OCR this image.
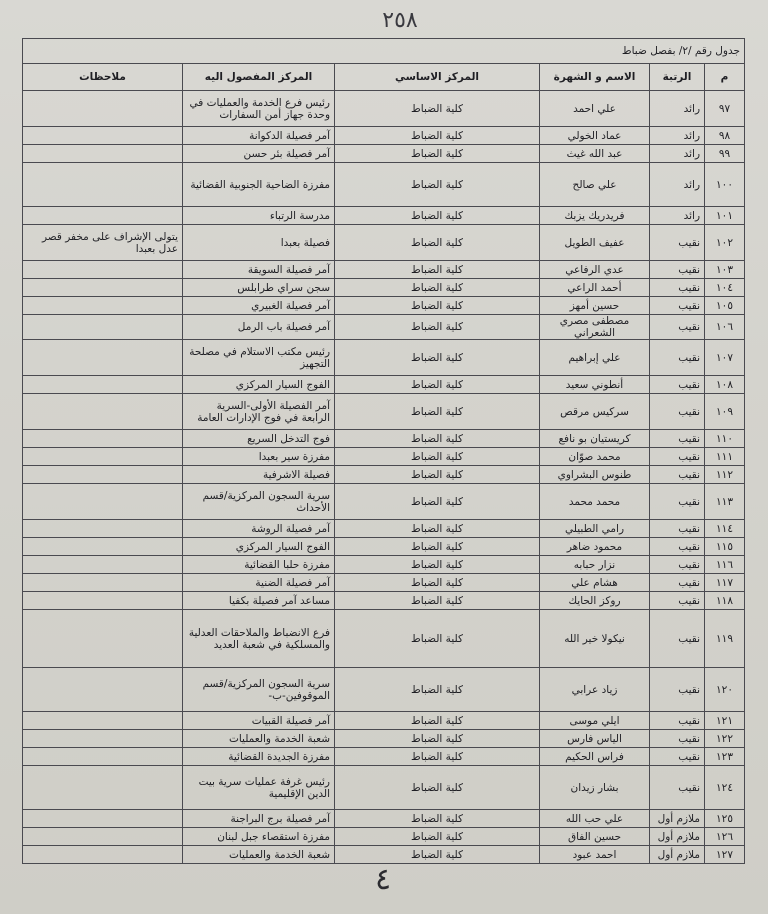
٢٥٨
جدول رقم /٢/ بفصل ضباط					
م	الرتبة	الاسم و الشهرة	المركز الاساسي	المركز المفصول اليه	ملاحظات
٩٧	رائد	علي احمد	كلية الضباط	رئيس فرع الخدمة والعمليات في وحدة جهاز أمن السفارات	
٩٨	رائد	عماد الخولي	كلية الضباط	آمر فصيلة الدكوانة	
٩٩	رائد	عبد الله غيث	كلية الضباط	آمر فصيلة بئر حسن	
١٠٠	رائد	علي صالح	كلية الضباط	مفرزة الضاحية الجنوبية القضائية	
١٠١	رائد	فريدريك يزبك	كلية الضباط	مدرسة الرتباء	
١٠٢	نقيب	عفيف الطويل	كلية الضباط	فصيلة بعبدا	يتولى الإشراف على مخفر قصر عدل بعبدا
١٠٣	نقيب	عدي الرفاعي	كلية الضباط	آمر فصيلة السويقة	
١٠٤	نقيب	أحمد الراعي	كلية الضباط	سجن سراي طرابلس	
١٠٥	نقيب	حسين أمهز	كلية الضباط	آمر فصيلة الغبيري	
١٠٦	نقيب	مصطفى مصري الشعراني	كلية الضباط	آمر فصيلة باب الرمل	
١٠٧	نقيب	علي إبراهيم	كلية الضباط	رئيس مكتب الاستلام في مصلحة التجهيز	
١٠٨	نقيب	أنطوني سعيد	كلية الضباط	الفوج السيار المركزي	
١٠٩	نقيب	سركيس مرقص	كلية الضباط	آمر الفصيلة الأولى-السرية الرابعة في فوج الإدارات العامة	
١١٠	نقيب	كريستيان بو نافع	كلية الضباط	فوج التدخل السريع	
١١١	نقيب	محمد صوّان	كلية الضباط	مفرزة سير بعبدا	
١١٢	نقيب	طنوس البشراوي	كلية الضباط	فصيلة الاشرفية	
١١٣	نقيب	محمد محمد	كلية الضباط	سرية السجون المركزية/قسم الأحداث	
١١٤	نقيب	رامي الطبيلي	كلية الضباط	آمر فصيلة الروشة	
١١٥	نقيب	محمود ضاهر	كلية الضباط	الفوج السيار المركزي	
١١٦	نقيب	نزار حبابه	كلية الضباط	مفرزة حلبا القضائية	
١١٧	نقيب	هشام علي	كلية الضباط	آمر فصيلة الضنية	
١١٨	نقيب	روكز الحايك	كلية الضباط	مساعد آمر فصيلة بكفيا	
١١٩	نقيب	نيكولا خير الله	كلية الضباط	فرع الانضباط والملاحقات العدلية والمسلكية في شعبة العديد	
١٢٠	نقيب	زياد عرابي	كلية الضباط	سرية السجون المركزية/قسم الموقوفين-ب-	
١٢١	نقيب	ايلي موسى	كلية الضباط	آمر فصيلة القبيات	
١٢٢	نقيب	الياس فارس	كلية الضباط	شعبة الخدمة والعمليات	
١٢٣	نقيب	فراس الحكيم	كلية الضباط	مفرزة الجديدة القضائية	
١٢٤	نقيب	بشار زيدان	كلية الضباط	رئيس غرفة عمليات سرية بيت الدين الإقليمية	
١٢٥	ملازم أول	علي حب الله	كلية الضباط	آمر فصيلة برج البراجنة	
١٢٦	ملازم أول	حسين الفاق	كلية الضباط	مفرزة استقصاء جبل لبنان	
١٢٧	ملازم أول	احمد عبود	كلية الضباط	شعبة الخدمة والعمليات	
٤
